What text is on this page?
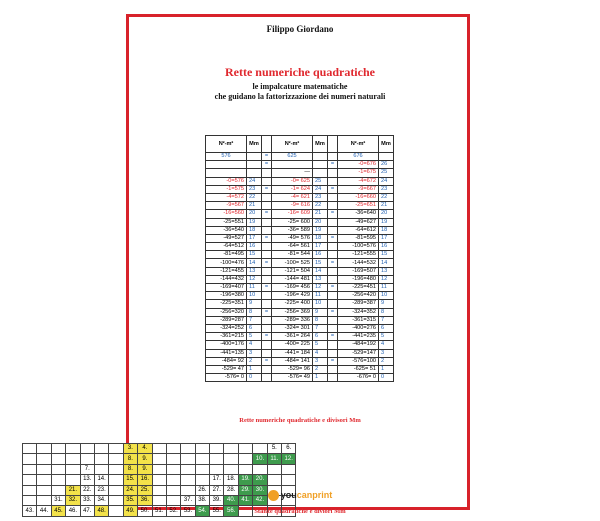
Filippo Giordano
Rette numeriche quadratiche
le impalcature matematiche
che guidano la fattorizzazione dei numeri naturali
N²-m²	Mm		N²-m²	Mm		N²-m²	Mm
576		=	625			676	
		=			=	-0=676	26
			—			-1=675	25
-0=576	24		-0= 625	25		-4=672	24
-1=575	23	=	-1= 624	24	=	-9=667	23
-4=572	22		-4= 621	23		-16=660	22
-9=567	21		-9= 616	22		-25=651	21
-16=560	20	=	-16= 609	21	=	-36=640	20
-25=551	19		-25= 600	20		-49=627	19
-36=540	18		-36= 589	19		-64=612	18
-49=527	17	=	-49= 576	18	=	-81=595	17
-64=512	16		-64= 561	17		-100=576	16
-81=495	15		-81= 544	16		-121=555	15
-100=476	14	=	-100= 525	15	=	-144=532	14
-121=455	13		-121= 504	14		-169=507	13
-144=432	12		-144= 481	13		-196=480	12
-169=407	11	=	-169= 456	12	=	-225=451	11
-196=380	10		-196= 429	11		-256=420	10
-225=351	9		-225= 400	10		-289=387	9
-256=320	8	=	-256= 369	9	=	-324=352	8
-289=287	7		-289= 336	8		-361=315	7
-324=252	6		-324= 301	7		-400=276	6
-361=215	5	=	-361= 264	6	=	-441=235	5
-400=176	4		-400= 225	5		-484=192	4
-441=135	3		-441= 184	4		-529=147	3
-484= 92	2	=	-484= 141	3	=	-576=100	2
-529= 47	1		-529= 96	2		-625= 51	1
-576= 0	0		-576= 49	1		-676= 0	0
Rette numeriche quadratiche e divisori Mm
							3.	4.									5.	6.
							8.	9.								10.	11.	12.
				7.			8.	9.										
				13.	14.		15.	16.					17.	18.	19.	20.		
			21.	22.	23.		24.	25.				26.	27.	28.	29.	30.		
		31.	32.	33.	34.		35.	36.			37.	38.	39.	40.	41.	42.		
43.	44.	45.	46.	47.	48.		49.	50.	51.	52.	53.	54.	55.	56.					Stanze quadratiche e diviori Mm
youcanprint
